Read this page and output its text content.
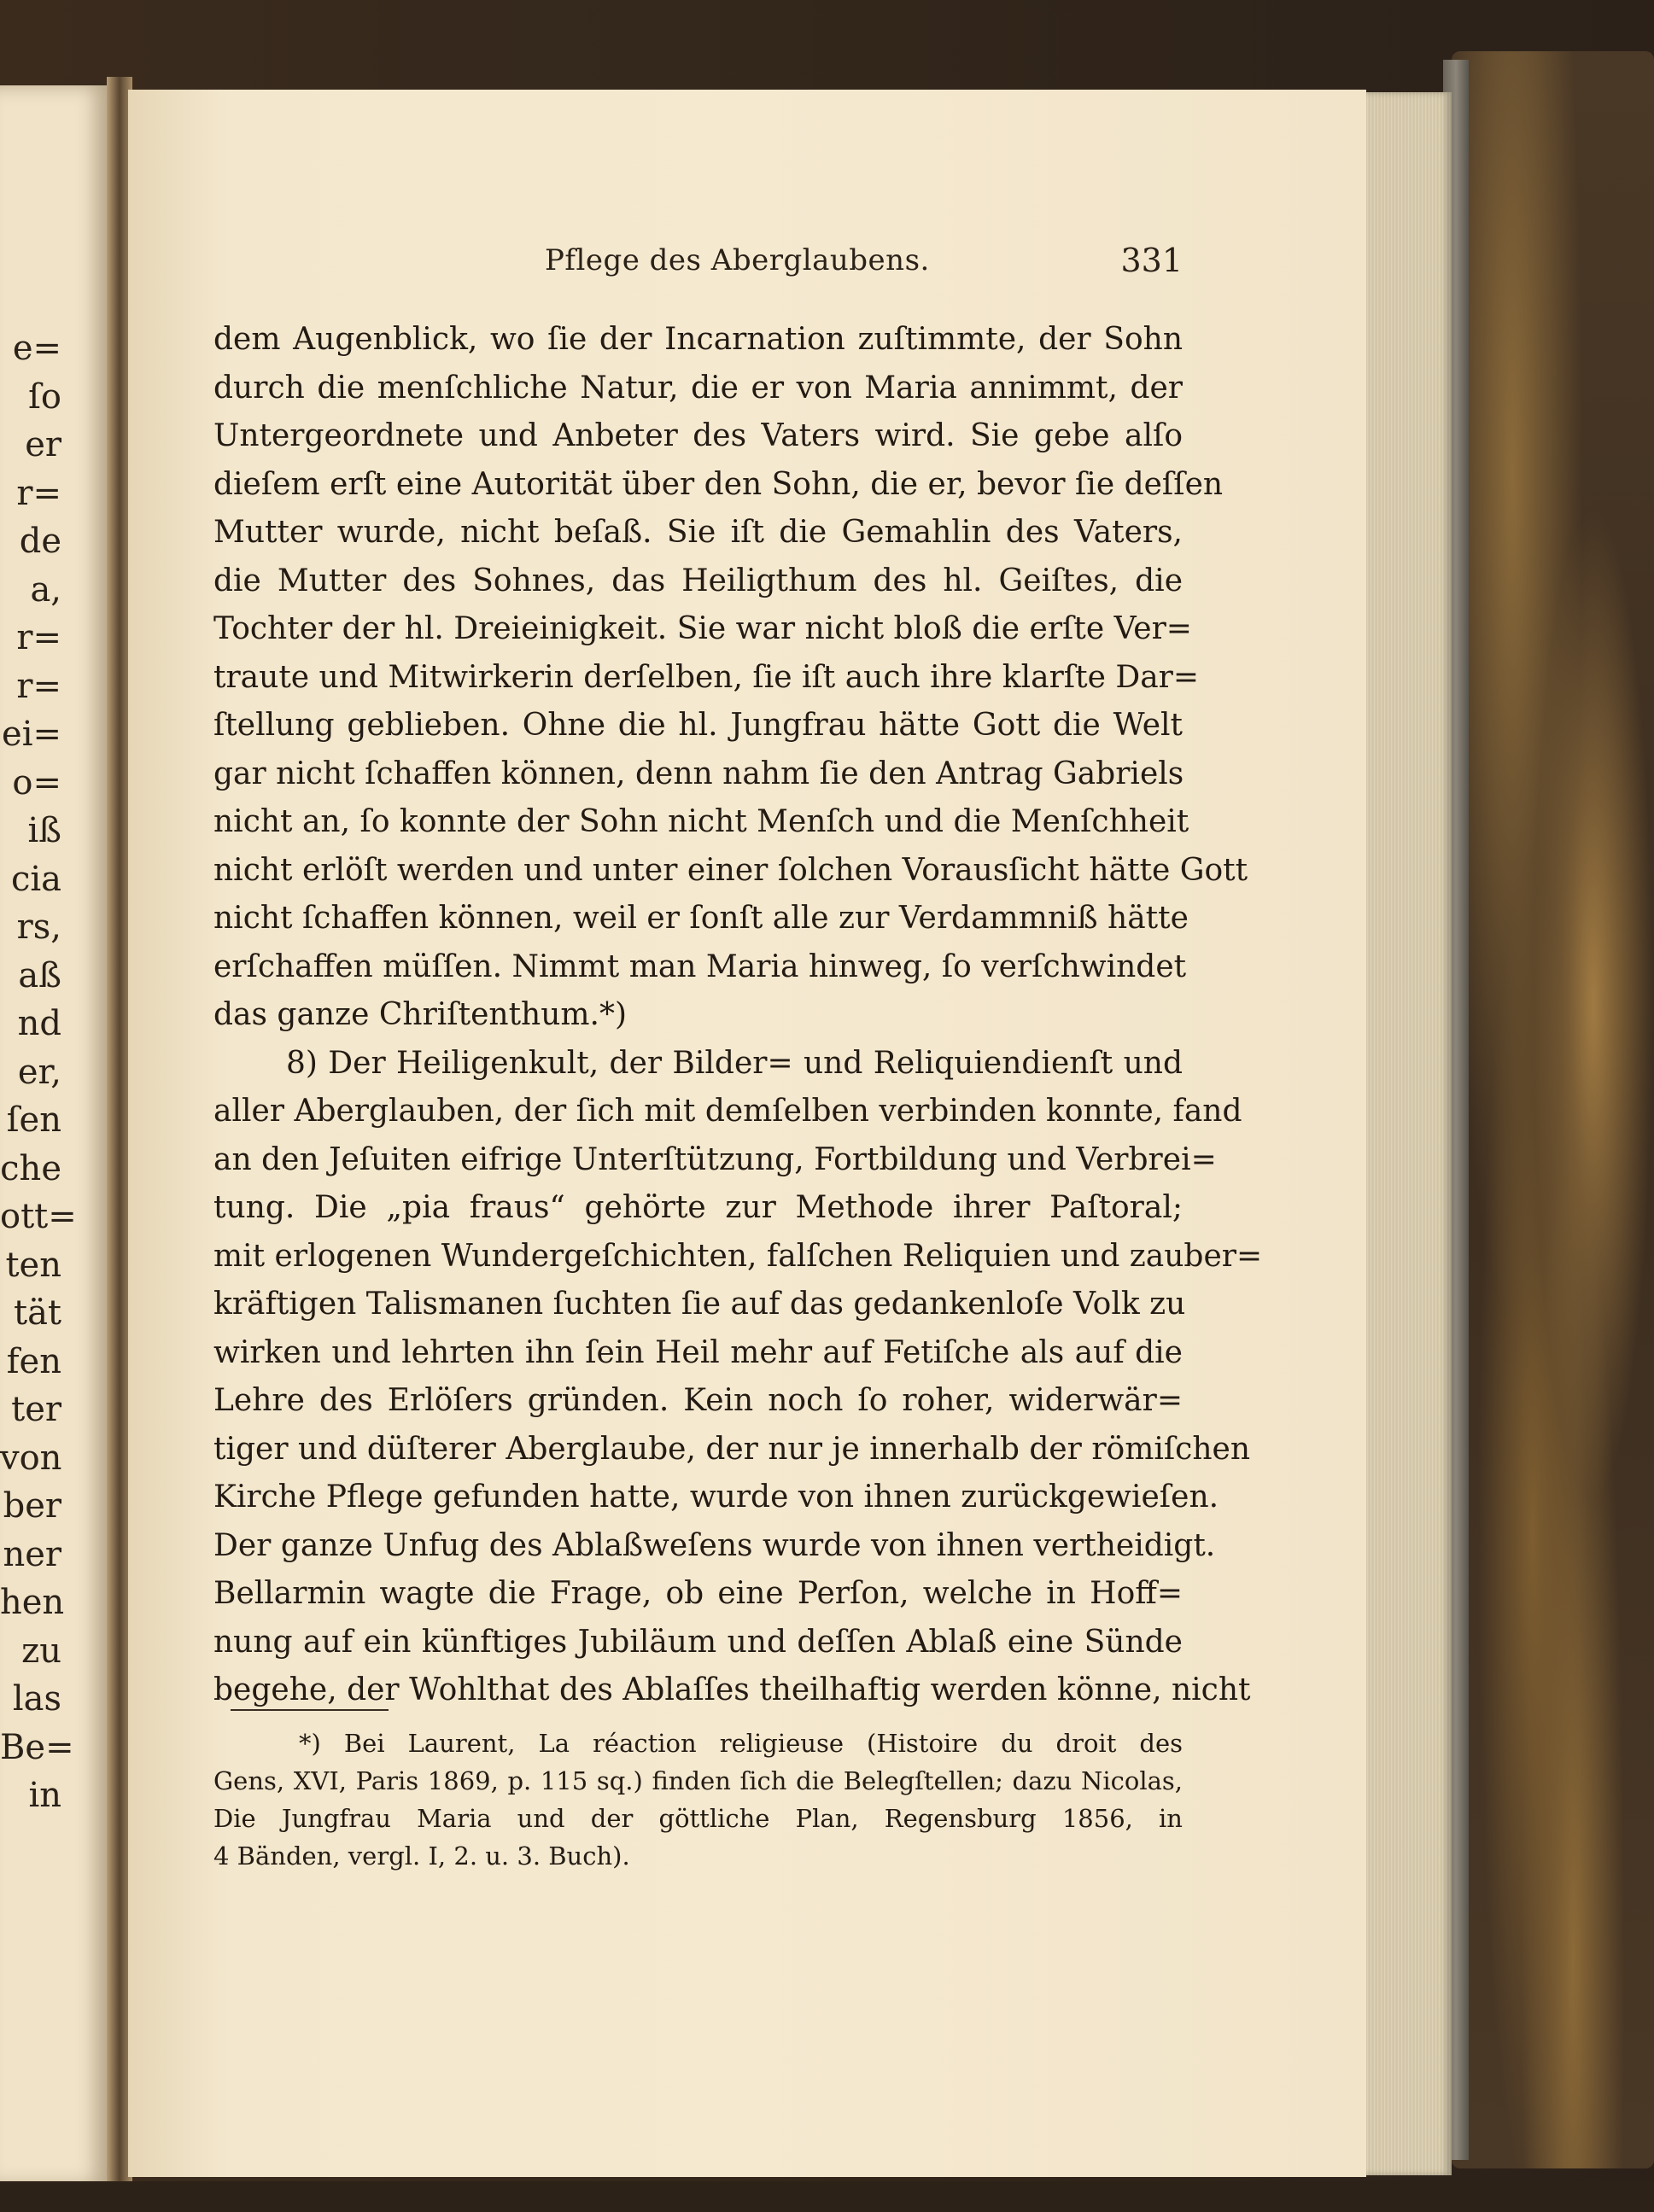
e=
ſo
er
r=
de
a,
r=
r=
ei=
o=
iß
cia
rs,
aß
nd
er,
ſen
che
ott=
ten
tät
fen
ter
von
ber
ner
hen
zu
las
Be=
in
Pflege des Aberglaubens.	331
dem Augenblick, wo ſie der Incarnation zuſtimmte, der Sohn
durch die menſchliche Natur, die er von Maria annimmt, der
Untergeordnete und Anbeter des Vaters wird. Sie gebe alſo
dieſem erſt eine Autorität über den Sohn, die er, bevor ſie deſſen
Mutter wurde, nicht beſaß. Sie iſt die Gemahlin des Vaters,
die Mutter des Sohnes, das Heiligthum des hl. Geiſtes, die
Tochter der hl. Dreieinigkeit. Sie war nicht bloß die erſte Ver=
traute und Mitwirkerin derſelben, ſie iſt auch ihre klarſte Dar=
ſtellung geblieben. Ohne die hl. Jungfrau hätte Gott die Welt
gar nicht ſchaffen können, denn nahm ſie den Antrag Gabriels
nicht an, ſo konnte der Sohn nicht Menſch und die Menſchheit
nicht erlöſt werden und unter einer ſolchen Vorausſicht hätte Gott
nicht ſchaffen können, weil er ſonſt alle zur Verdammniß hätte
erſchaffen müſſen. Nimmt man Maria hinweg, ſo verſchwindet
das ganze Chriſtenthum.*)
8) Der Heiligenkult, der Bilder= und Reliquiendienſt und
aller Aberglauben, der ſich mit demſelben verbinden konnte, fand
an den Jeſuiten eifrige Unterſtützung, Fortbildung und Verbrei=
tung. Die „pia fraus“ gehörte zur Methode ihrer Paſtoral;
mit erlogenen Wundergeſchichten, falſchen Reliquien und zauber=
kräftigen Talismanen ſuchten ſie auf das gedankenloſe Volk zu
wirken und lehrten ihn ſein Heil mehr auf Fetiſche als auf die
Lehre des Erlöſers gründen. Kein noch ſo roher, widerwär=
tiger und düſterer Aberglaube, der nur je innerhalb der römiſchen
Kirche Pflege gefunden hatte, wurde von ihnen zurückgewieſen.
Der ganze Unfug des Ablaßweſens wurde von ihnen vertheidigt.
Bellarmin wagte die Frage, ob eine Perſon, welche in Hoff=
nung auf ein künftiges Jubiläum und deſſen Ablaß eine Sünde
begehe, der Wohlthat des Ablaſſes theilhaftig werden könne, nicht
*) Bei Laurent, La réaction religieuse (Histoire du droit des
Gens, XVI, Paris 1869, p. 115 sq.) finden ſich die Belegſtellen; dazu Nicolas,
Die Jungfrau Maria und der göttliche Plan, Regensburg 1856, in
4 Bänden, vergl. I, 2. u. 3. Buch).
